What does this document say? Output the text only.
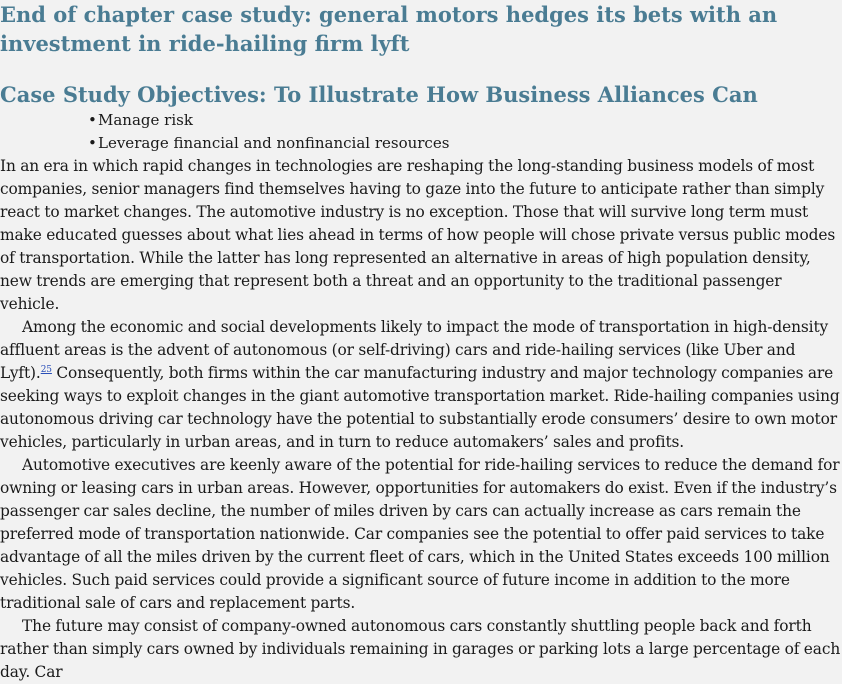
End of chapter case study: general motors hedges its bets with an investment in ride-hailing firm lyft
Case Study Objectives: To Illustrate How Business Alliances Can
•Manage risk
•Leverage financial and nonfinancial resources

In an era in which rapid changes in technologies are reshaping the long-standing business models of most companies, senior managers find themselves having to gaze into the future to anticipate rather than simply react to market changes. The automotive industry is no exception. Those that will survive long term must make educated guesses about what lies ahead in terms of how people will chose private versus public modes of transportation. While the latter has long represented an alternative in areas of high population density, new trends are emerging that represent both a threat and an opportunity to the traditional passenger vehicle.

Among the economic and social developments likely to impact the mode of transportation in high-density affluent areas is the advent of autonomous (or self-driving) cars and ride-hailing services (like Uber and Lyft).$^{25}$ Consequently, both firms within the car manufacturing industry and major technology companies are seeking ways to exploit changes in the giant automotive transportation market. Ride-hailing companies using autonomous driving car technology have the potential to substantially erode consumers’ desire to own motor vehicles, particularly in urban areas, and in turn to reduce automakers’ sales and profits.

Automotive executives are keenly aware of the potential for ride-hailing services to reduce the demand for owning or leasing cars in urban areas. However, opportunities for automakers do exist. Even if the industry’s passenger car sales decline, the number of miles driven by cars can actually increase as cars remain the preferred mode of transportation nationwide. Car companies see the potential to offer paid services to take advantage of all the miles driven by the current fleet of cars, which in the United States exceeds 100 million vehicles. Such paid services could provide a significant source of future income in addition to the more traditional sale of cars and replacement parts.

The future may consist of company-owned autonomous cars constantly shuttling people back and forth rather than simply cars owned by individuals remaining in garages or parking lots a large percentage of each day. Car
